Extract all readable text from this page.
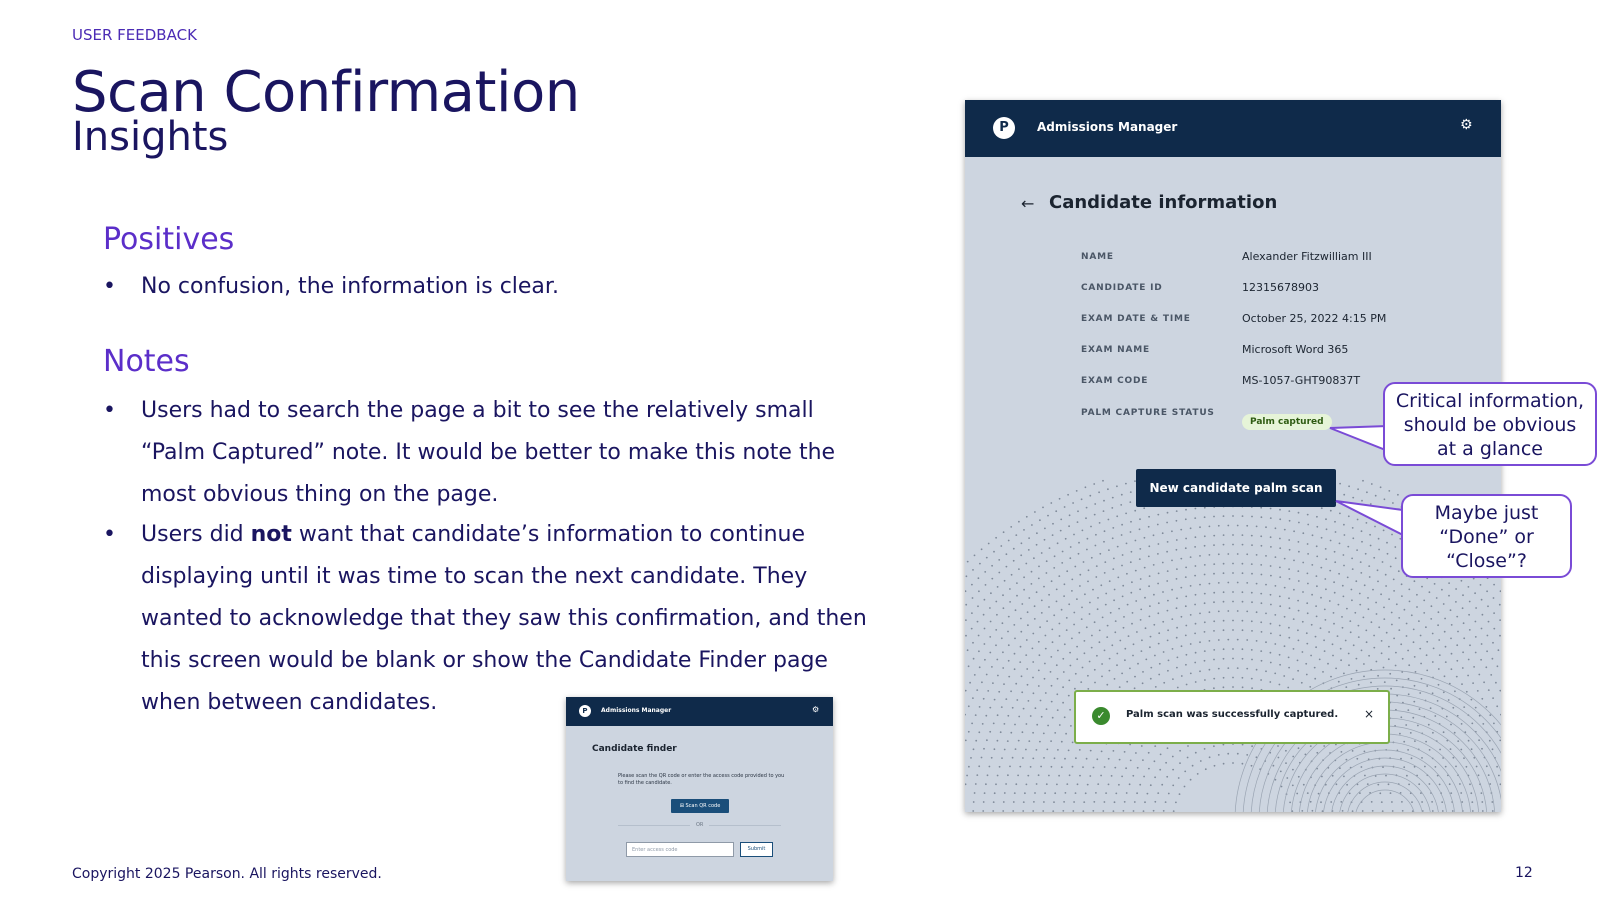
USER FEEDBACK
Scan Confirmation
Insights
Positives
• No confusion, the information is clear.
Notes
• Users had to search the page a bit to see the relatively small
“Palm Captured” note. It would be better to make this note the
most obvious thing on the page.
• Users did not want that candidate’s information to continue
displaying until it was time to scan the next candidate. They
wanted to acknowledge that they saw this confirmation, and then
this screen would be blank or show the Candidate Finder page
when between candidates.
P	Admissions Manager	⚙
← Candidate information
NAME	Alexander Fitzwilliam III
CANDIDATE ID	12315678903
EXAM DATE & TIME	October 25, 2022 4:15 PM
EXAM NAME	Microsoft Word 365
EXAM CODE	MS-1057-GHT90837T
PALM CAPTURE STATUS
Palm captured
New candidate palm scan
✓	Palm scan was successfully captured. ×
Critical information,
should be obvious
at a glance
Maybe just
“Done” or
“Close”?
P	Admissions Manager	⚙
Candidate finder
Please scan the QR code or enter the access code provided to you to find the candidate.
⊞ Scan QR code
OR
Enter access code	Submit
Copyright 2025 Pearson. All rights reserved.	12
